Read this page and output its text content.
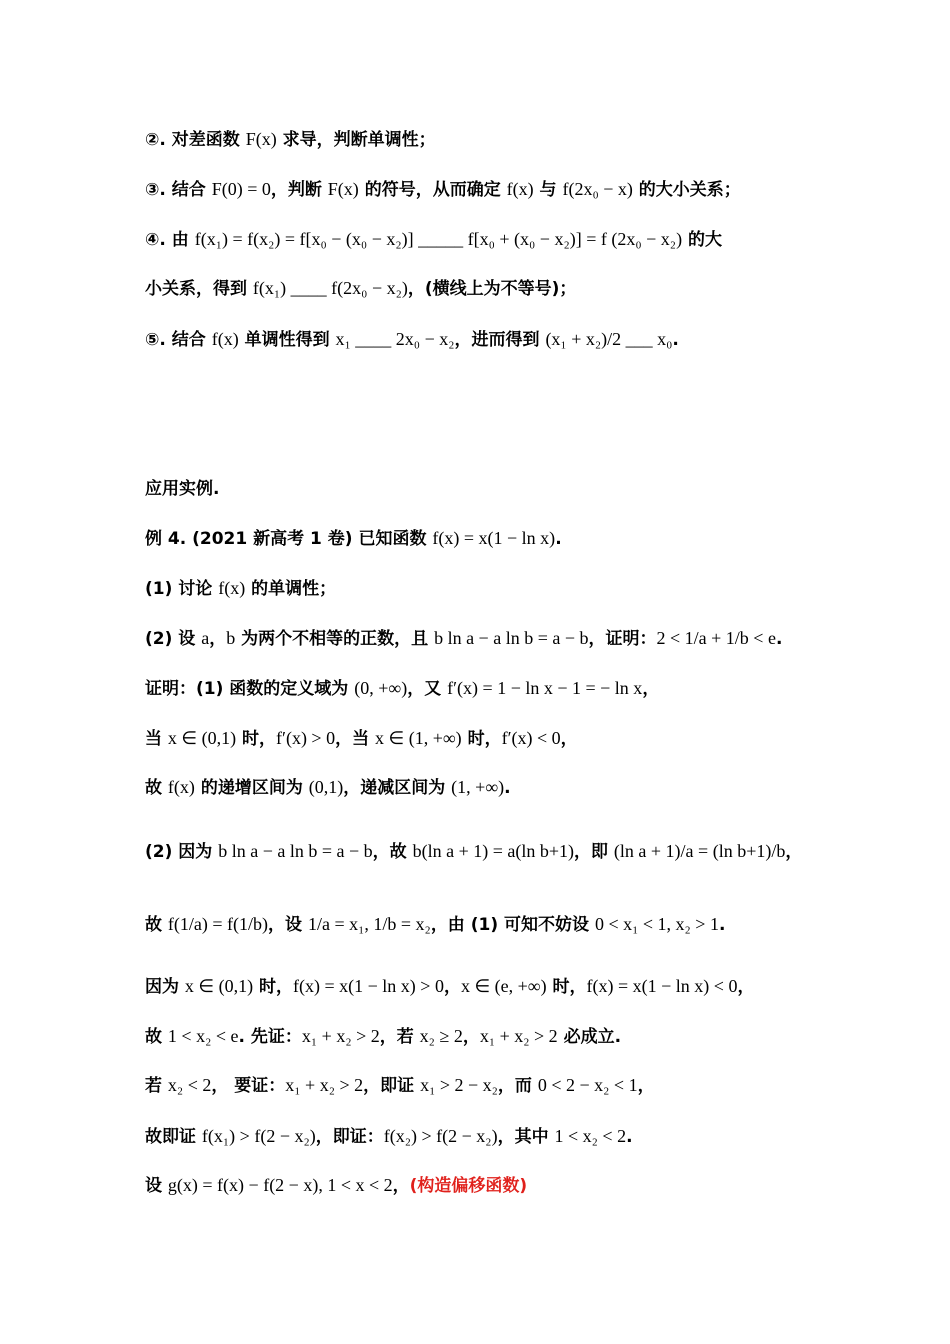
②. 对差函数 F(x) 求导，判断单调性；
③. 结合 F(0) = 0，判断 F(x) 的符号，从而确定 f(x) 与 f(2x₀ − x) 的大小关系；
④. 由 f(x₁) = f(x₂) = f[x₀ − (x₀ − x₂)] _____ f[x₀ + (x₀ − x₂)] = f (2x₀ − x₂) 的大
小关系，得到 f(x₁) ____ f(2x₀ − x₂)，(横线上为不等号)；
⑤. 结合 f(x) 单调性得到 x₁ ____ 2x₀ − x₂，进而得到 (x₁ + x₂)/2 ___ x₀.
应用实例.
例 4. (2021 新高考 1 卷) 已知函数 f(x) = x(1 − ln x).
(1) 讨论 f(x) 的单调性；
(2) 设 a，b 为两个不相等的正数，且 b ln a − a ln b = a − b，证明：2 < 1/a + 1/b < e.
证明：(1) 函数的定义域为 (0, +∞)，又 f′(x) = 1 − ln x − 1 = − ln x，
当 x ∈ (0,1) 时，f′(x) > 0，当 x ∈ (1, +∞) 时，f′(x) < 0，
故 f(x) 的递增区间为 (0,1)，递减区间为 (1, +∞).
(2) 因为 b ln a − a ln b = a − b，故 b(ln a + 1) = a(ln b+1)，即 (ln a + 1)/a = (ln b+1)/b，
故 f(1/a) = f(1/b)，设 1/a = x₁, 1/b = x₂，由 (1) 可知不妨设 0 < x₁ < 1, x₂ > 1.
因为 x ∈ (0,1) 时，f(x) = x(1 − ln x) > 0，x ∈ (e, +∞) 时，f(x) = x(1 − ln x) < 0，
故 1 < x₂ < e. 先证：x₁ + x₂ > 2，若 x₂ ≥ 2，x₁ + x₂ > 2 必成立.
若 x₂ < 2， 要证：x₁ + x₂ > 2，即证 x₁ > 2 − x₂，而 0 < 2 − x₂ < 1，
故即证 f(x₁) > f(2 − x₂)，即证：f(x₂) > f(2 − x₂)，其中 1 < x₂ < 2.
设 g(x) = f(x) − f(2 − x), 1 < x < 2，(构造偏移函数)
